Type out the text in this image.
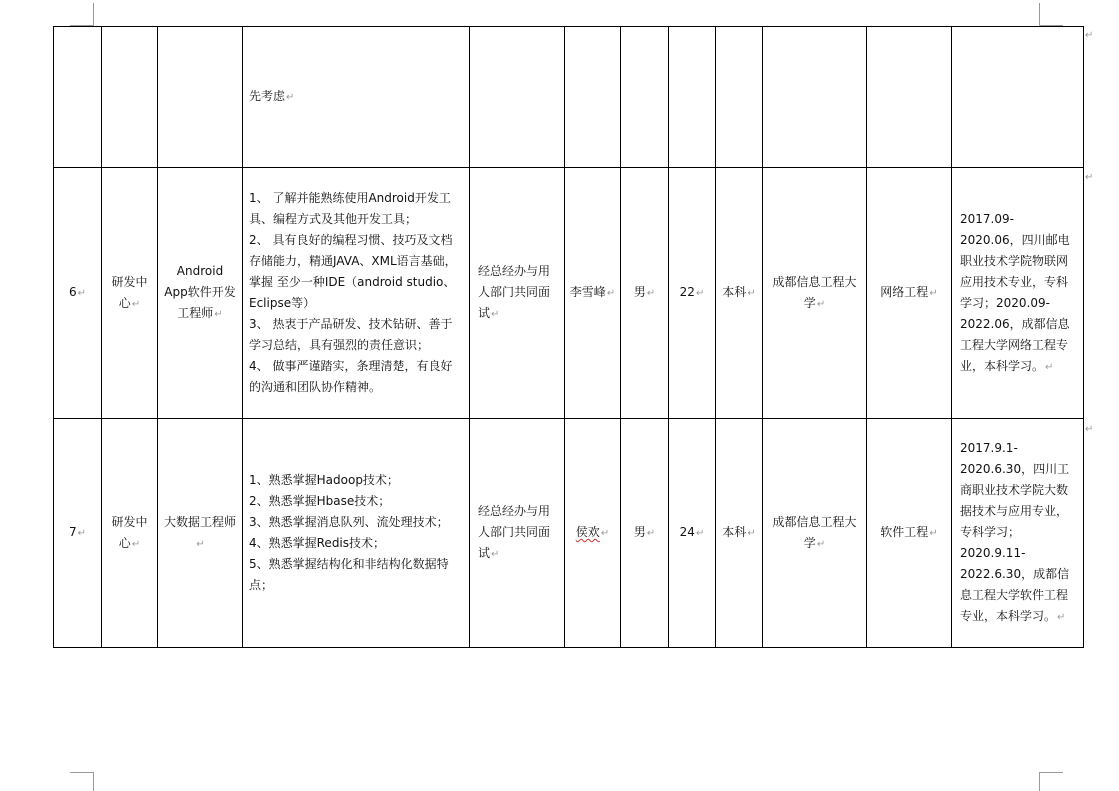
↵
↵
↵
			先考虑↵								
6↵	研发中心↵	Android App软件开发工程师↵	1、 了解并能熟练使用Android开发工具、编程方式及其他开发工具；
2、 具有良好的编程习惯、技巧及文档存储能力，精通JAVA、XML语言基础，掌握 至少一种IDE（android studio、Eclipse等）
3、 热衷于产品研发、技术钻研、善于学习总结，具有强烈的责任意识；
4、 做事严谨踏实，条理清楚，有良好的沟通和团队协作精神。	经总经办与用人部门共同面试↵	李雪峰↵	男↵	22↵	本科↵	成都信息工程大学↵	网络工程↵	2017.09-2020.06，四川邮电职业技术学院物联网应用技术专业，专科学习；2020.09-2022.06，成都信息工程大学网络工程专业，本科学习。↵
7↵	研发中心↵	大数据工程师↵	1、熟悉掌握Hadoop技术；
2、熟悉掌握Hbase技术；
3、熟悉掌握消息队列、流处理技术；
4、熟悉掌握Redis技术；
5、熟悉掌握结构化和非结构化数据特点；	经总经办与用人部门共同面试↵	侯欢↵	男↵	24↵	本科↵	成都信息工程大学↵	软件工程↵	2017.9.1-2020.6.30，四川工商职业技术学院大数据技术与应用专业，专科学习；2020.9.11-2022.6.30，成都信息工程大学软件工程专业，本科学习。↵
